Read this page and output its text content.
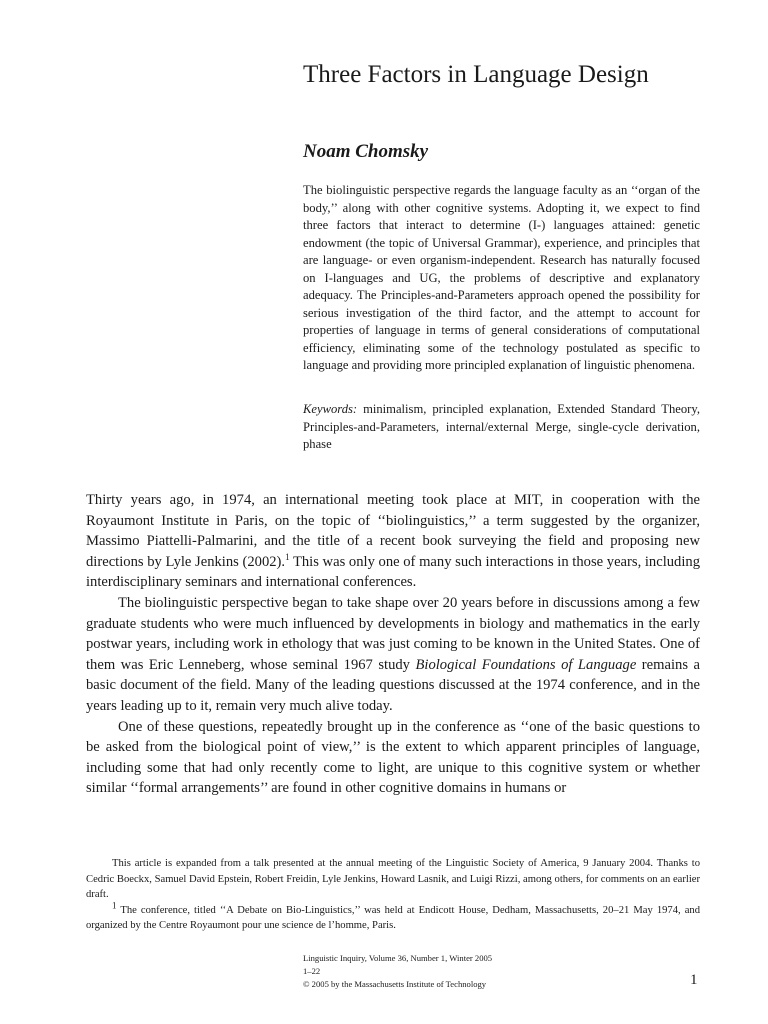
Three Factors in Language Design
Noam Chomsky

The biolinguistic perspective regards the language faculty as an ‘‘organ of the body,’’ along with other cognitive systems. Adopting it, we expect to find three factors that interact to determine (I-) languages attained: genetic endowment (the topic of Universal Grammar), experience, and principles that are language- or even organism-independent. Research has naturally focused on I-languages and UG, the problems of descriptive and explanatory adequacy. The Principles-and-Parameters approach opened the possibility for serious investigation of the third factor, and the attempt to account for properties of language in terms of general considerations of computational efficiency, eliminating some of the technology postulated as specific to language and providing more principled explanation of linguistic phenomena.

Keywords: minimalism, principled explanation, Extended Standard Theory, Principles-and-Parameters, internal/external Merge, single-cycle derivation, phase

Thirty years ago, in 1974, an international meeting took place at MIT, in cooperation with the Royaumont Institute in Paris, on the topic of ‘‘biolinguistics,’’ a term suggested by the organizer, Massimo Piattelli-Palmarini, and the title of a recent book surveying the field and proposing new directions by Lyle Jenkins (2002).$^1$ This was only one of many such interactions in those years, including interdisciplinary seminars and international conferences.

The biolinguistic perspective began to take shape over 20 years before in discussions among a few graduate students who were much influenced by developments in biology and mathematics in the early postwar years, including work in ethology that was just coming to be known in the United States. One of them was Eric Lenneberg, whose seminal 1967 study Biological Foundations of Language remains a basic document of the field. Many of the leading questions discussed at the 1974 conference, and in the years leading up to it, remain very much alive today.

One of these questions, repeatedly brought up in the conference as ‘‘one of the basic questions to be asked from the biological point of view,’’ is the extent to which apparent principles of language, including some that had only recently come to light, are unique to this cognitive system or whether similar ‘‘formal arrangements’’ are found in other cognitive domains in humans or

This article is expanded from a talk presented at the annual meeting of the Linguistic Society of America, 9 January 2004. Thanks to Cedric Boeckx, Samuel David Epstein, Robert Freidin, Lyle Jenkins, Howard Lasnik, and Luigi Rizzi, among others, for comments on an earlier draft.

$^1$ The conference, titled ‘‘A Debate on Bio-Linguistics,’’ was held at Endicott House, Dedham, Massachusetts, 20–21 May 1974, and organized by the Centre Royaumont pour une science de l’homme, Paris.

Linguistic Inquiry, Volume 36, Number 1, Winter 2005
1–22
© 2005 by the Massachusetts Institute of Technology	1
